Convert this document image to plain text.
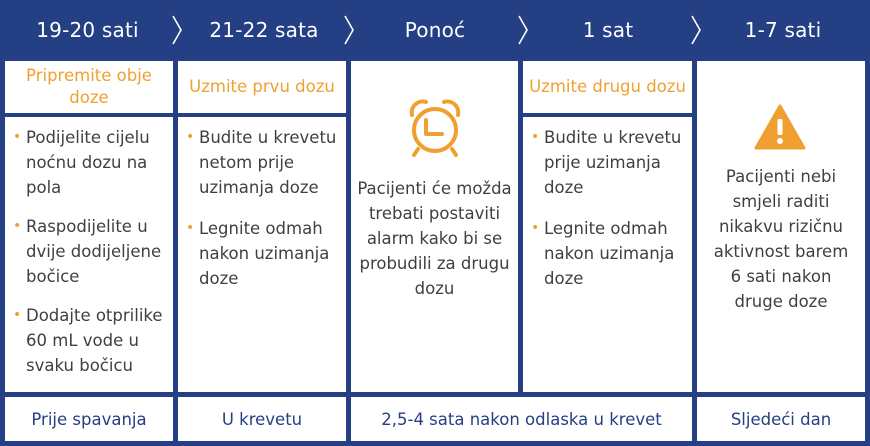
19-20 sati	21-22 sata	Ponoć	1 sat	1-7 sati
Pripremite obje doze
• Podijelite cijelu noćnu dozu na pola
• Raspodijelite u dvije dodijeljene bočice
• Dodajte otprilike 60 mL vode u svaku bočicu
Uzmite prvu dozu
• Budite u krevetu netom prije uzimanja doze
• Legnite odmah nakon uzimanja doze
Pacijenti će možda trebati postaviti alarm kako bi se probudili za drugu dozu
Uzmite drugu dozu
• Budite u krevetu prije uzimanja doze
• Legnite odmah nakon uzimanja doze
Pacijenti nebi smjeli raditi nikakvu rizičnu aktivnost barem 6 sati nakon druge doze
Prije spavanja	U krevetu	2,5-4 sata nakon odlaska u krevet	Sljedeći dan
